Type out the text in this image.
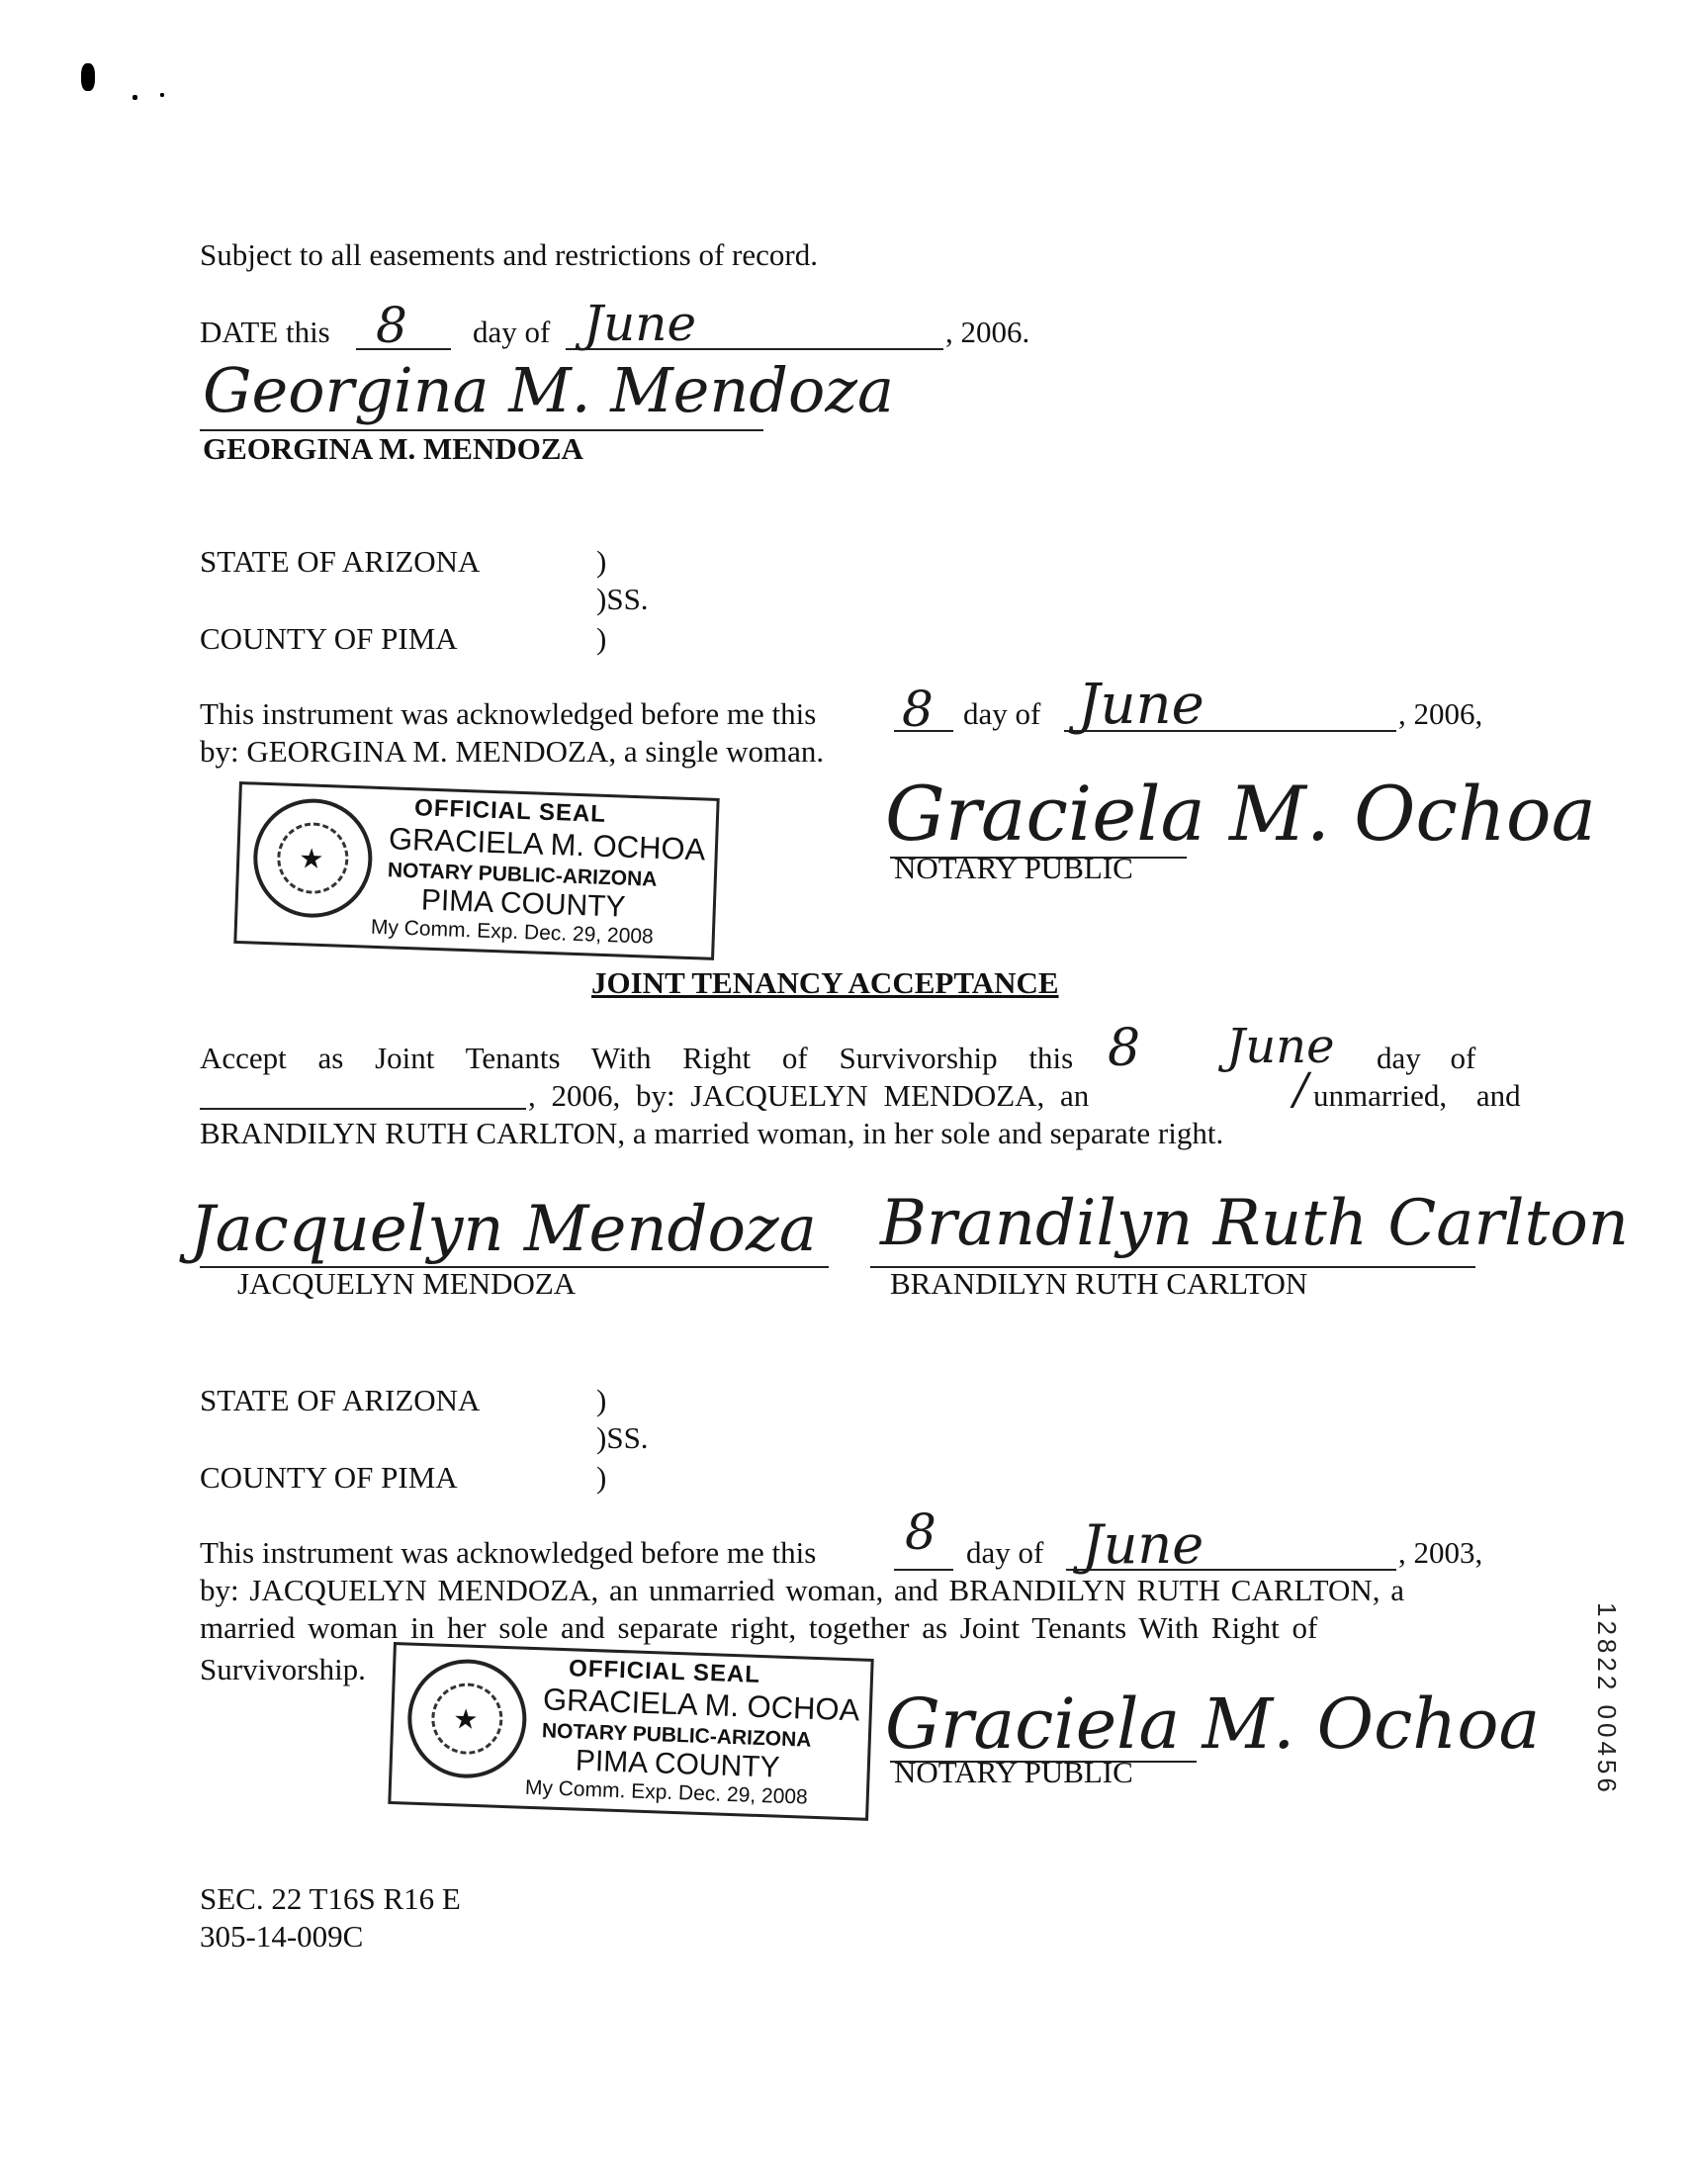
Subject to all easements and restrictions of record.

DATE this 8 day of June	, 2006.
Georgina M. Mendoza

GEORGINA M. MENDOZA

STATE OF ARIZONA	)

)SS.

COUNTY OF PIMA	)

This instrument was acknowledged before me this 8 day of June	, 2006,

by: GEORGINA M. MENDOZA, a single woman.

★
OFFICIAL SEAL
GRACIELA M. OCHOA
NOTARY PUBLIC-ARIZONA
PIMA COUNTY
My Comm. Exp. Dec. 29, 2008
Graciela M. Ochoa

NOTARY PUBLIC

JOINT TENANCY ACCEPTANCE

Accept as Joint Tenants With Right of Survivorship this 8 June day of

, 2006, by: JACQUELYN MENDOZA, an	/ unmarried, and

BRANDILYN RUTH CARLTON, a married woman, in her sole and separate right.

Jacquelyn Mendoza

JACQUELYN MENDOZA

Brandilyn Ruth Carlton

BRANDILYN RUTH CARLTON

STATE OF ARIZONA	)

)SS.

COUNTY OF PIMA	)

This instrument was acknowledged before me this 8 day of June	, 2003,

by: JACQUELYN MENDOZA, an unmarried woman, and BRANDILYN RUTH CARLTON, a

married woman in her sole and separate right, together as Joint Tenants With Right of

Survivorship.

★
OFFICIAL SEAL
GRACIELA M. OCHOA
NOTARY PUBLIC-ARIZONA
PIMA COUNTY
My Comm. Exp. Dec. 29, 2008
Graciela M. Ochoa

NOTARY PUBLIC

SEC. 22 T16S R16 E

305-14-009C

12822 00456
